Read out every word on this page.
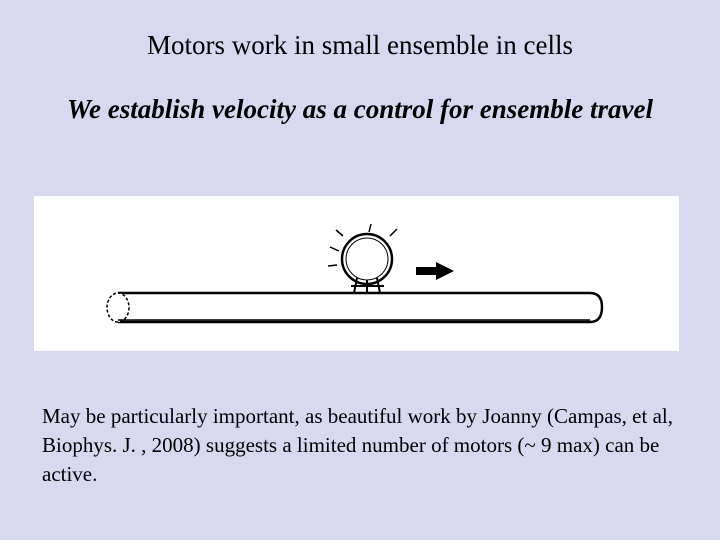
Motors work in small ensemble in cells
We establish velocity as a control for ensemble travel
May be particularly important, as beautiful work by Joanny (Campas, et al, Biophys. J. , 2008) suggests a limited number of motors (~ 9 max) can be active.
